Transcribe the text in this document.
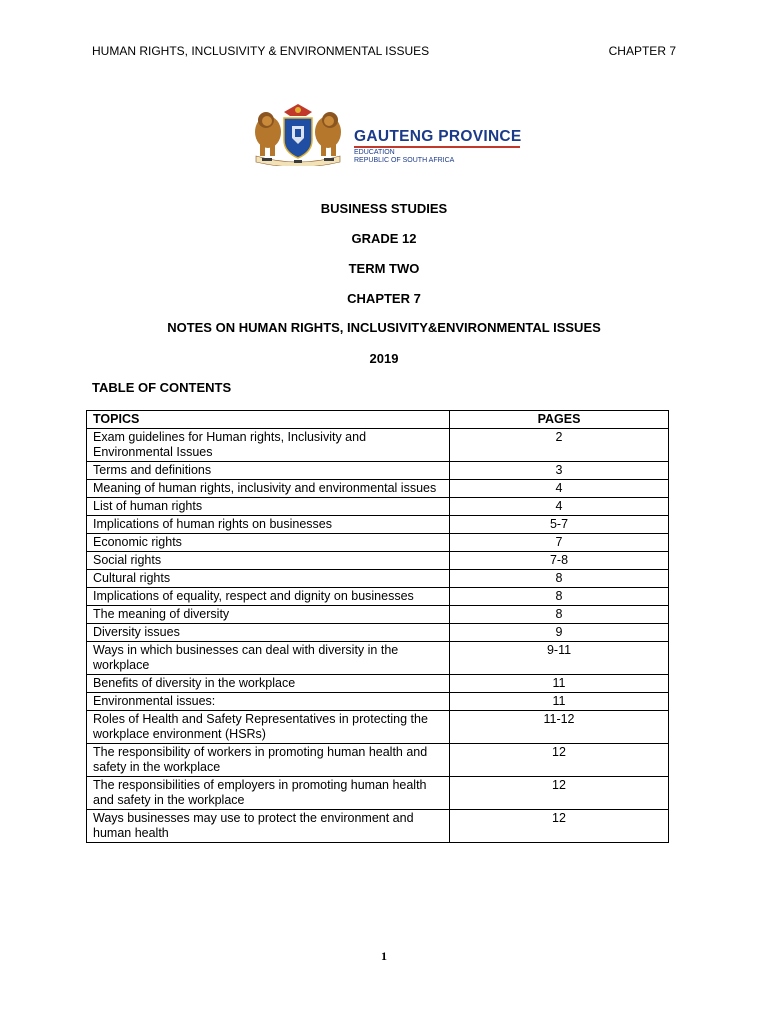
HUMAN RIGHTS, INCLUSIVITY & ENVIRONMENTAL ISSUES	CHAPTER 7
GAUTENG PROVINCE
EDUCATION
REPUBLIC OF SOUTH AFRICA
BUSINESS STUDIES
GRADE 12
TERM TWO
CHAPTER 7
NOTES ON HUMAN RIGHTS, INCLUSIVITY&ENVIRONMENTAL ISSUES
2019
TABLE OF CONTENTS
TOPICS	PAGES
Exam guidelines for Human rights, Inclusivity and Environmental Issues	2
Terms and definitions	3
Meaning of human rights, inclusivity and environmental issues	4
List of human rights	4
Implications of human rights on businesses	5-7
Economic rights	7
Social rights	7-8
Cultural rights	8
Implications of equality, respect and dignity on businesses	8
The meaning of diversity	8
Diversity issues	9
Ways in which businesses can deal with diversity in the workplace	9-11
Benefits of diversity in the workplace	11
Environmental issues:	11
Roles of Health and Safety Representatives in protecting the workplace environment (HSRs)	11-12
The responsibility of workers in promoting human health and safety in the workplace	12
The responsibilities of employers in promoting human health and safety in the workplace	12
Ways businesses may use to protect the environment and human health	12
1
